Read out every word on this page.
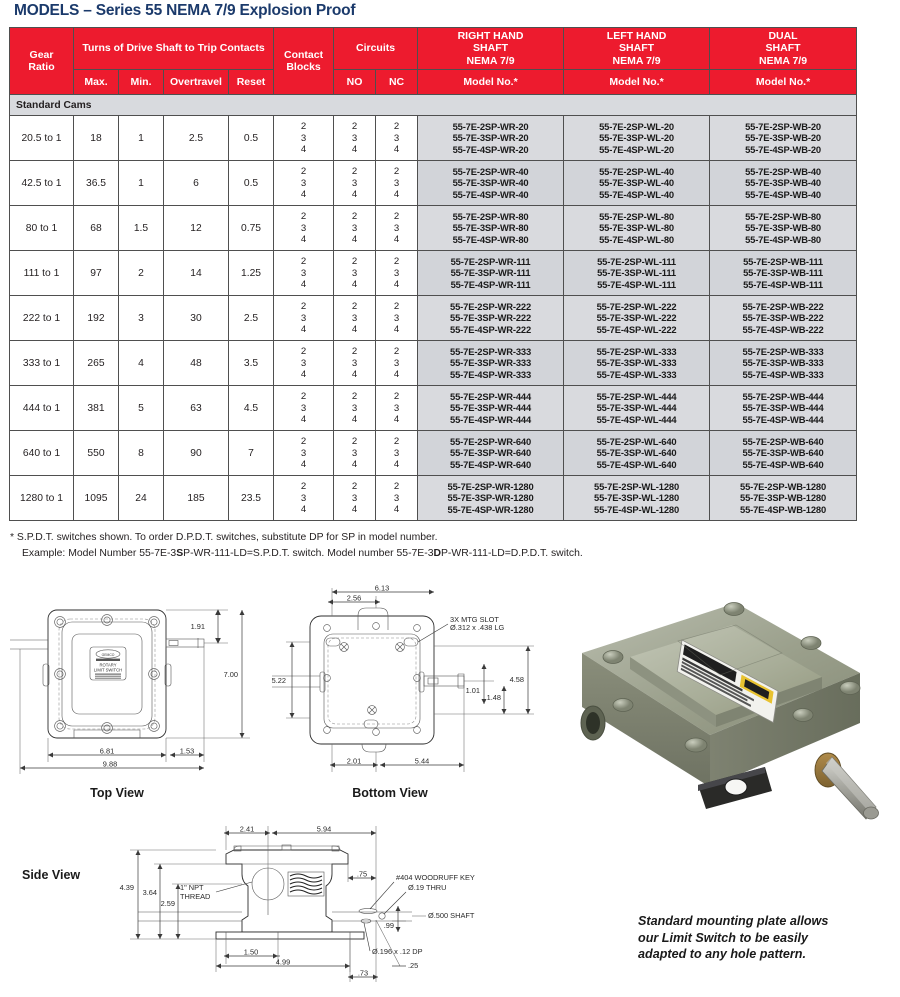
MODELS – Series 55 NEMA 7/9 Explosion Proof
Gear
Ratio	Turns of Drive Shaft to Trip Contacts				Contact
Blocks	Circuits		RIGHT HAND
SHAFT
NEMA 7/9	LEFT HAND
SHAFT
NEMA 7/9	DUAL
SHAFT
NEMA 7/9
	Max.	Min.	Overtravel	Reset		NO	NC	Model No.*	Model No.*	Model No.*
Standard Cams										
20.5 to 1	18	1	2.5	0.5	2
3
4	2
3
4	2
3
4	55-7E-2SP-WR-20
55-7E-3SP-WR-20
55-7E-4SP-WR-20	55-7E-2SP-WL-20
55-7E-3SP-WL-20
55-7E-4SP-WL-20	55-7E-2SP-WB-20
55-7E-3SP-WB-20
55-7E-4SP-WB-20

42.5 to 1	36.5	1	6	0.5	2
3
4	2
3
4	2
3
4	55-7E-2SP-WR-40
55-7E-3SP-WR-40
55-7E-4SP-WR-40	55-7E-2SP-WL-40
55-7E-3SP-WL-40
55-7E-4SP-WL-40	55-7E-2SP-WB-40
55-7E-3SP-WB-40
55-7E-4SP-WB-40

80 to 1	68	1.5	12	0.75	2
3
4	2
3
4	2
3
4	55-7E-2SP-WR-80
55-7E-3SP-WR-80
55-7E-4SP-WR-80	55-7E-2SP-WL-80
55-7E-3SP-WL-80
55-7E-4SP-WL-80	55-7E-2SP-WB-80
55-7E-3SP-WB-80
55-7E-4SP-WB-80

111 to 1	97	2	14	1.25	2
3
4	2
3
4	2
3
4	55-7E-2SP-WR-111
55-7E-3SP-WR-111
55-7E-4SP-WR-111	55-7E-2SP-WL-111
55-7E-3SP-WL-111
55-7E-4SP-WL-111	55-7E-2SP-WB-111
55-7E-3SP-WB-111
55-7E-4SP-WB-111

222 to 1	192	3	30	2.5	2
3
4	2
3
4	2
3
4	55-7E-2SP-WR-222
55-7E-3SP-WR-222
55-7E-4SP-WR-222	55-7E-2SP-WL-222
55-7E-3SP-WL-222
55-7E-4SP-WL-222	55-7E-2SP-WB-222
55-7E-3SP-WB-222
55-7E-4SP-WB-222

333 to 1	265	4	48	3.5	2
3
4	2
3
4	2
3
4	55-7E-2SP-WR-333
55-7E-3SP-WR-333
55-7E-4SP-WR-333	55-7E-2SP-WL-333
55-7E-3SP-WL-333
55-7E-4SP-WL-333	55-7E-2SP-WB-333
55-7E-3SP-WB-333
55-7E-4SP-WB-333

444 to 1	381	5	63	4.5	2
3
4	2
3
4	2
3
4	55-7E-2SP-WR-444
55-7E-3SP-WR-444
55-7E-4SP-WR-444	55-7E-2SP-WL-444
55-7E-3SP-WL-444
55-7E-4SP-WL-444	55-7E-2SP-WB-444
55-7E-3SP-WB-444
55-7E-4SP-WB-444

640 to 1	550	8	90	7	2
3
4	2
3
4	2
3
4	55-7E-2SP-WR-640
55-7E-3SP-WR-640
55-7E-4SP-WR-640	55-7E-2SP-WL-640
55-7E-3SP-WL-640
55-7E-4SP-WL-640	55-7E-2SP-WB-640
55-7E-3SP-WB-640
55-7E-4SP-WB-640

1280 to 1	1095	24	185	23.5	2
3
4	2
3
4	2
3
4	55-7E-2SP-WR-1280
55-7E-3SP-WR-1280
55-7E-4SP-WR-1280	55-7E-2SP-WL-1280
55-7E-3SP-WL-1280
55-7E-4SP-WL-1280	55-7E-2SP-WB-1280
55-7E-3SP-WB-1280
55-7E-4SP-WB-1280
* S.P.D.T. switches shown. To order D.P.D.T. switches, substitute DP for SP in model number.
Example: Model Number 55-7E-3SP-WR-111-LD=S.P.D.T. switch. Model number 55-7E-3DP-WR-111-LD=D.P.D.T. switch.
GEMCO
ROTARY
LIMIT SWITCH
1.91
7.00
6.81	1.53
9.88
Top View
2.56
5.22	4.58
1.01
1.48
2.01	5.44
6.13
3X MTG SLOT
Ø.312 x .438 LG
Bottom View
2.41	5.94
4.39
3.64
2.59
1" NPT
THREAD
.75	#404 WOODRUFF KEY
Ø.19 THRU
Ø.500 SHAFT
Ø.196 x .12 DP
.99
1.50
4.99	.25
.73
Side View
Standard mounting plate allows
our Limit Switch to be easily
adapted to any hole pattern.
